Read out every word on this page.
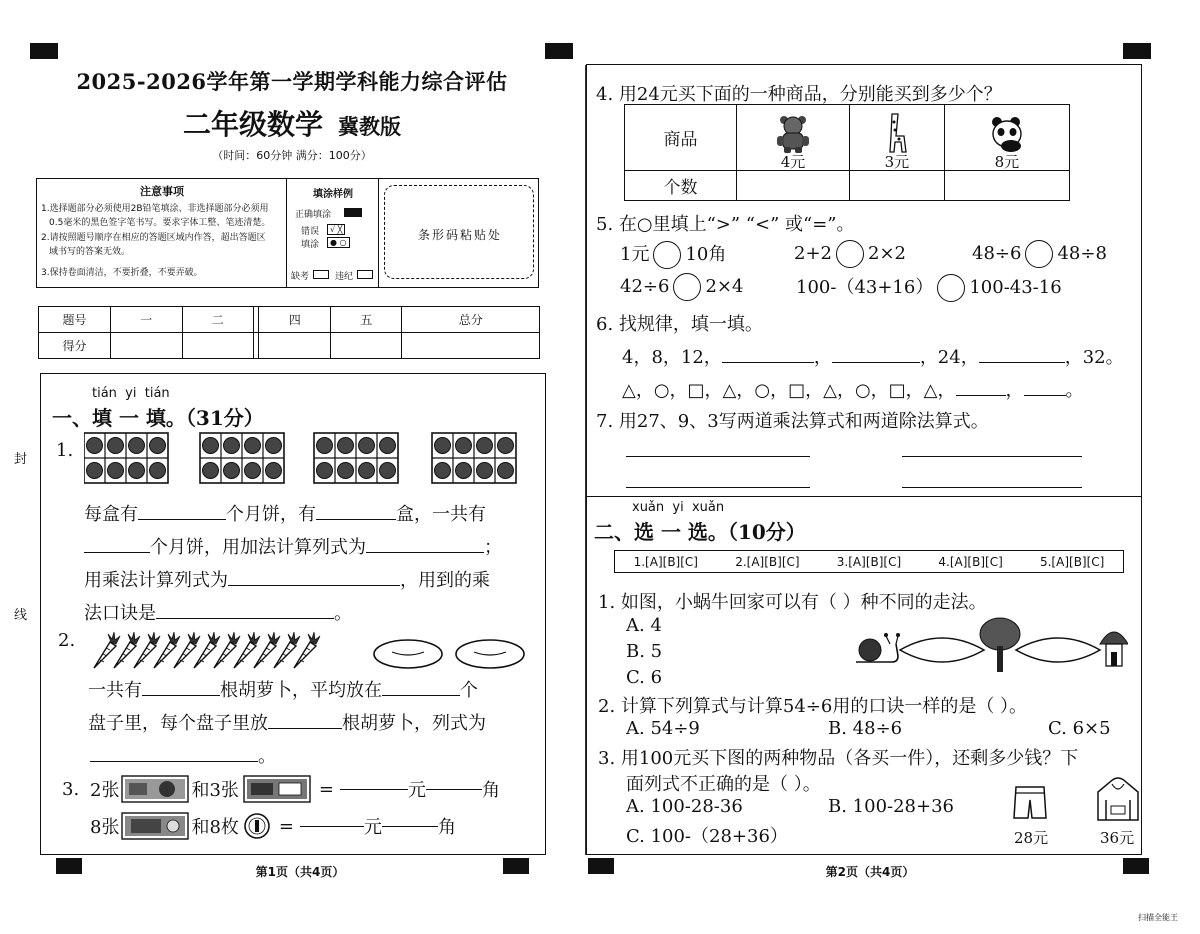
封
线
2025-2026学年第一学期学科能力综合评估
二年级数学 冀教版
（时间：60分钟 满分：100分）
注意事项
1.选择题部分必须使用2B铅笔填涂、非选择题部分必须用
0.5毫米的黑色签字笔书写。要求字体工整、笔迹清楚。
2.请按照题号顺序在相应的答题区域内作答，超出答题区
域书写的答案无效。
3.保持卷面清洁，不要折叠，不要弄破。
填涂样例
正确填涂
错误
填涂
√ ╳
● ○
缺考	违纪
条形码粘贴处
题号	一	二		四	五	总分
得分						
tián  yi  tián
一、填 一 填。（31分）
1.
每盒有	个月饼，有	盒，一共有
个月饼，用加法计算列式为	；
用乘法计算列式为	，用到的乘
法口诀是	。
2.
一共有	根胡萝卜，平均放在	个
盘子里，每个盘子里放	根胡萝卜，列式为
。
3. 2张	和3张	=	元	角
8张	和8枚 =	元	角
第1页（共4页）
4. 用24元买下面的一种商品，分别能买到多少个？
商品	4元	3元	8元

个数			
5. 在○里填上“>” “<” 或“=”。
1元 10角	2+2 2×2	48÷6 48÷8
42÷6 2×4	100-（43+16） 100-43-16
6. 找规律，填一填。
4，8，12，	，	，24，	，32。
△，○，□，△，○，□，△，○，□，△，	， 。
7. 用27、9、3写两道乘法算式和两道除法算式。
xuǎn  yi  xuǎn
二、选 一 选。（10分）
1.[A][B][C]	2.[A][B][C]	3.[A][B][C]	4.[A][B][C]	5.[A][B][C]
1. 如图，小蜗牛回家可以有（ ）种不同的走法。
A. 4
B. 5
C. 6
2. 计算下列算式与计算54÷6用的口诀一样的是（ ）。
A. 54÷9	B. 48÷6	C. 6×5
3. 用100元买下图的两种物品（各买一件），还剩多少钱？下
面列式不正确的是（ ）。
A. 100-28-36	B. 100-28+36
C. 100-（28+36）	28元	36元
第2页（共4页）
扫描全能王
